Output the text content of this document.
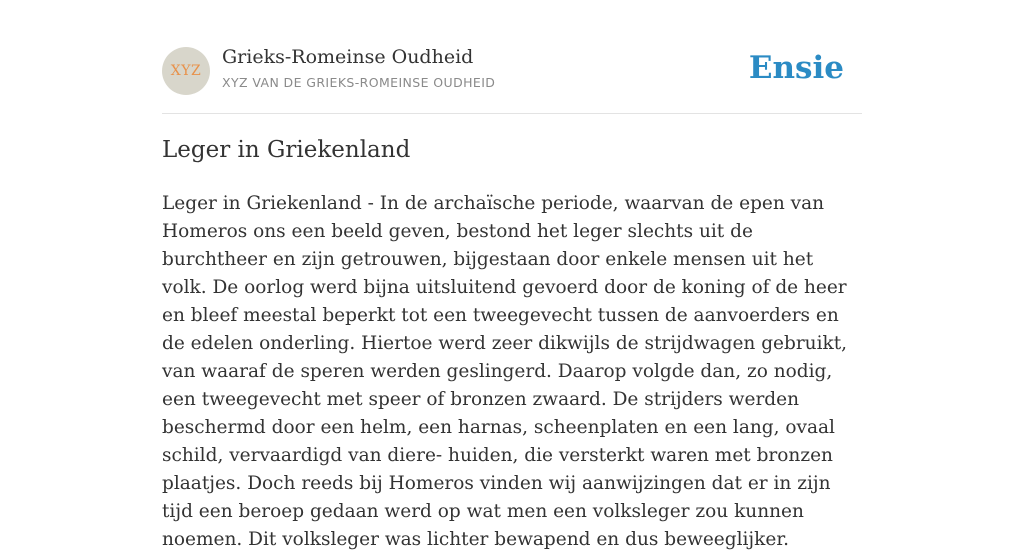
XYZ
Grieks-Romeinse Oudheid
XYZ VAN DE GRIEKS-ROMEINSE OUDHEID	Ensie
Leger in Griekenland

Leger in Griekenland - In de archaïsche periode, waarvan de epen van Homeros ons een beeld geven, bestond het leger slechts uit de burchtheer en zijn getrouwen, bijgestaan door enkele mensen uit het volk. De oorlog werd bijna uitsluitend gevoerd door de koning of de heer en bleef meestal beperkt tot een tweegevecht tussen de aanvoerders en de edelen onderling. Hiertoe werd zeer dikwijls de strijdwagen gebruikt, van waaraf de speren werden geslingerd. Daarop volgde dan, zo nodig, een tweegevecht met speer of bronzen zwaard. De strijders werden beschermd door een helm, een harnas, scheenplaten en een lang, ovaal schild, vervaardigd van diere- huiden, die versterkt waren met bronzen plaatjes. Doch reeds bij Homeros vinden wij aanwijzingen dat er in zijn tijd een beroep gedaan werd op wat men een volksleger zou kunnen noemen. Dit volksleger was lichter bewapend en dus beweeglijker.
